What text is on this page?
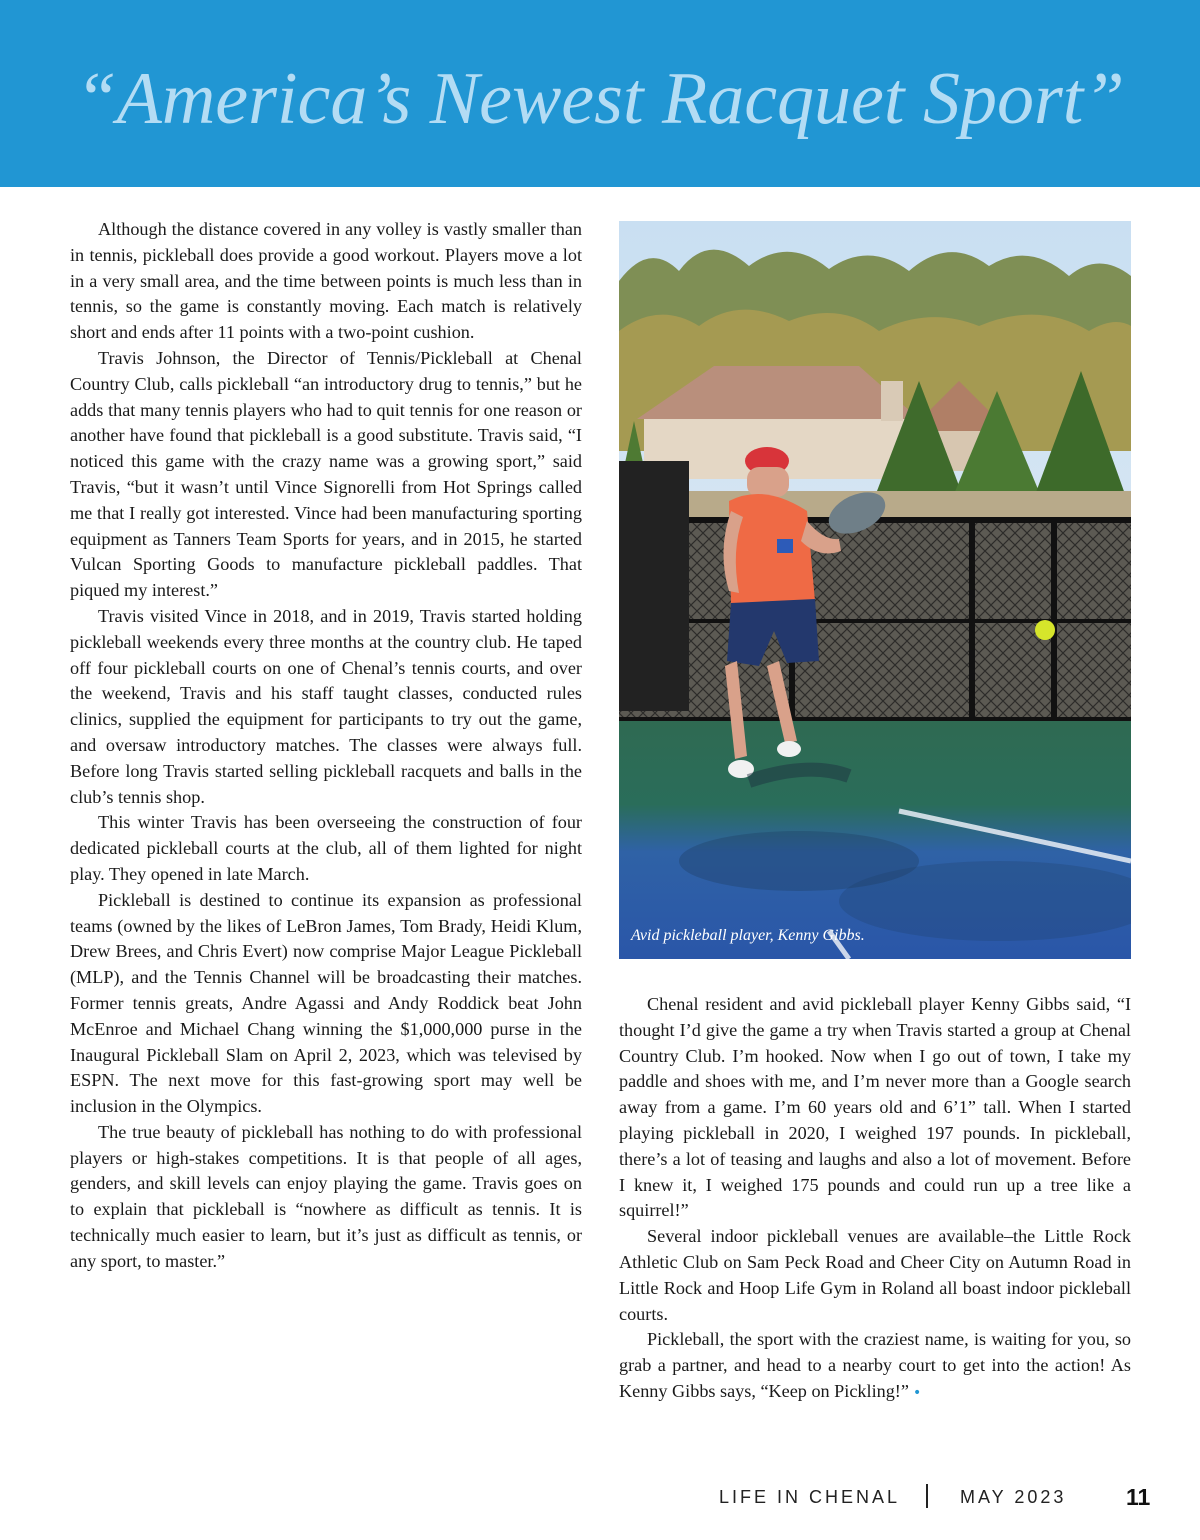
“America’s Newest Racquet Sport”

Although the distance covered in any volley is vastly smaller than in tennis, pickleball does provide a good workout. Players move a lot in a very small area, and the time between points is much less than in tennis, so the game is constantly moving. Each match is relatively short and ends after 11 points with a two-point cushion.

Travis Johnson, the Director of Tennis/Pickleball at Chenal Country Club, calls pickleball “an introductory drug to tennis,” but he adds that many tennis players who had to quit tennis for one reason or another have found that pickleball is a good substitute. Travis said, “I noticed this game with the crazy name was a growing sport,” said Travis, “but it wasn’t until Vince Signorelli from Hot Springs called me that I really got interested. Vince had been manufacturing sporting equipment as Tanners Team Sports for years, and in 2015, he started Vulcan Sporting Goods to manufacture pickleball paddles. That piqued my interest.”

Travis visited Vince in 2018, and in 2019, Travis started holding pickleball weekends every three months at the country club. He taped off four pickleball courts on one of Chenal’s tennis courts, and over the weekend, Travis and his staff taught classes, conducted rules clinics, supplied the equipment for participants to try out the game, and oversaw introductory matches. The classes were always full. Before long Travis started selling pickleball racquets and balls in the club’s tennis shop.

This winter Travis has been overseeing the construction of four dedicated pickleball courts at the club, all of them lighted for night play. They opened in late March.

Pickleball is destined to continue its expansion as professional teams (owned by the likes of LeBron James, Tom Brady, Heidi Klum, Drew Brees, and Chris Evert) now comprise Major League Pickleball (MLP), and the Tennis Channel will be broadcasting their matches. Former tennis greats, Andre Agassi and Andy Roddick beat John McEnroe and Michael Chang winning the $1,000,000 purse in the Inaugural Pickleball Slam on April 2, 2023, which was televised by ESPN. The next move for this fast-growing sport may well be inclusion in the Olympics.

The true beauty of pickleball has nothing to do with professional players or high-stakes competitions. It is that people of all ages, genders, and skill levels can enjoy playing the game. Travis goes on to explain that pickleball is “nowhere as difficult as tennis. It is technically much easier to learn, but it’s just as difficult as tennis, or any sport, to master.”

Avid pickleball player, Kenny Gibbs.

Chenal resident and avid pickleball player Kenny Gibbs said, “I thought I’d give the game a try when Travis started a group at Chenal Country Club. I’m hooked. Now when I go out of town, I take my paddle and shoes with me, and I’m never more than a Google search away from a game. I’m 60 years old and 6’1” tall. When I started playing pickleball in 2020, I weighed 197 pounds. In pickleball, there’s a lot of teasing and laughs and also a lot of movement. Before I knew it, I weighed 175 pounds and could run up a tree like a squirrel!”

Several indoor pickleball venues are available–the Little Rock Athletic Club on Sam Peck Road and Cheer City on Autumn Road in Little Rock and Hoop Life Gym in Roland all boast indoor pickleball courts.

Pickleball, the sport with the craziest name, is waiting for you, so grab a partner, and head to a nearby court to get into the action! As Kenny Gibbs says, “Keep on Pickling!” •

LIFE IN CHENAL	MAY 2023	11
